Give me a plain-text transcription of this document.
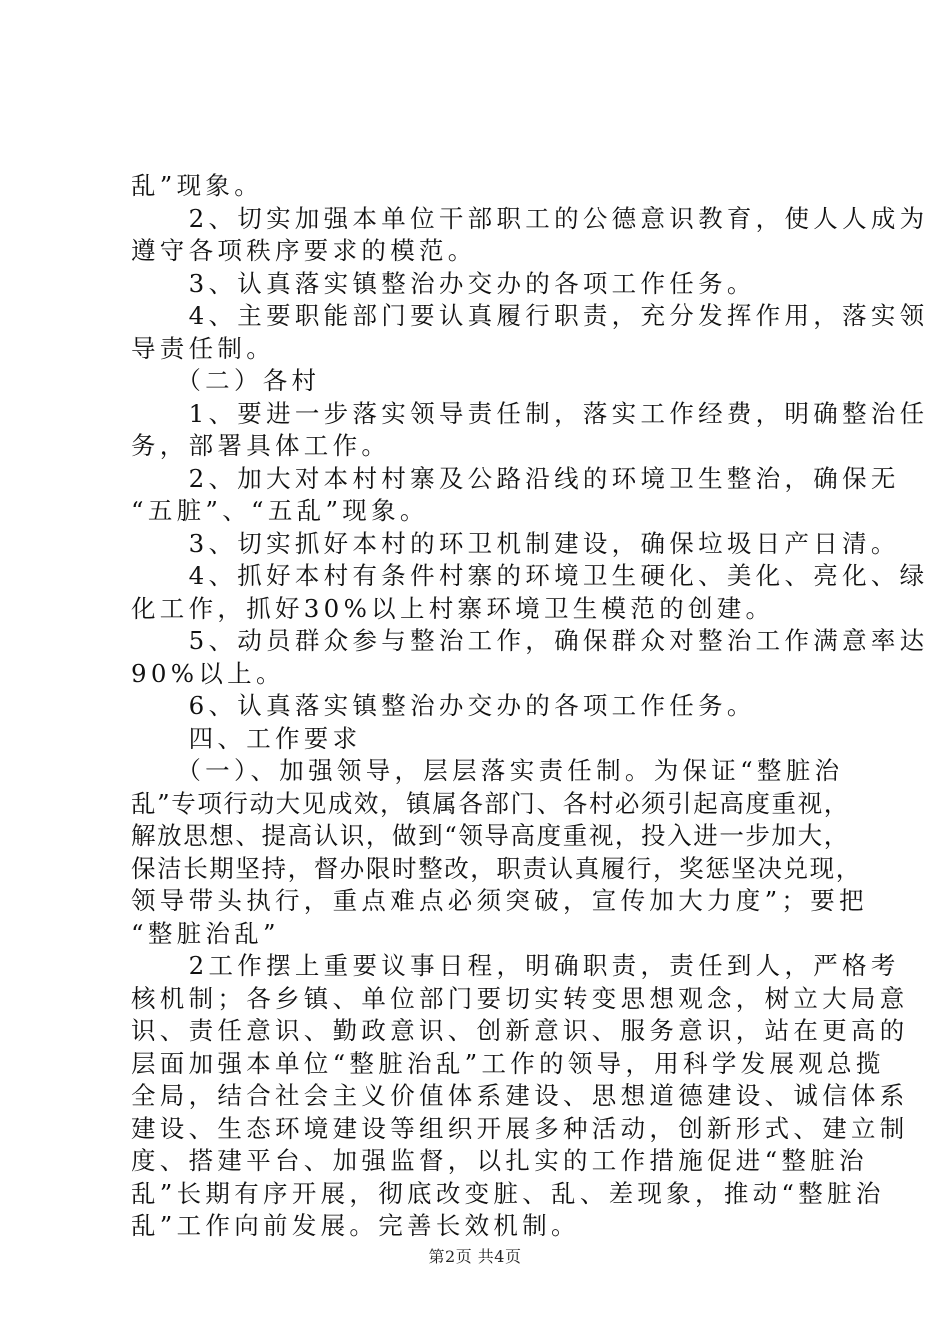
乱”现象。
　　2、切实加强本单位干部职工的公德意识教育，使人人成为
遵守各项秩序要求的模范。
　　3、认真落实镇整治办交办的各项工作任务。
　　4、主要职能部门要认真履行职责，充分发挥作用，落实领
导责任制。
　　（二）各村
　　1、要进一步落实领导责任制，落实工作经费，明确整治任
务，部署具体工作。
　　2、加大对本村村寨及公路沿线的环境卫生整治，确保无
“五脏”、“五乱”现象。
　　3、切实抓好本村的环卫机制建设，确保垃圾日产日清。
　　4、抓好本村有条件村寨的环境卫生硬化、美化、亮化、绿
化工作，抓好30%以上村寨环境卫生模范的创建。
　　5、动员群众参与整治工作，确保群众对整治工作满意率达
90%以上。
　　6、认真落实镇整治办交办的各项工作任务。
　　四、工作要求
　　（一）、加强领导，层层落实责任制。为保证“整脏治
乱”专项行动大见成效，镇属各部门、各村必须引起高度重视，
解放思想、提高认识，做到“领导高度重视，投入进一步加大，
保洁长期坚持，督办限时整改，职责认真履行，奖惩坚决兑现，
领导带头执行，重点难点必须突破，宣传加大力度”；要把
“整脏治乱”
　　2工作摆上重要议事日程，明确职责，责任到人，严格考
核机制；各乡镇、单位部门要切实转变思想观念，树立大局意
识、责任意识、勤政意识、创新意识、服务意识，站在更高的
层面加强本单位“整脏治乱”工作的领导，用科学发展观总揽
全局，结合社会主义价值体系建设、思想道德建设、诚信体系
建设、生态环境建设等组织开展多种活动，创新形式、建立制
度、搭建平台、加强监督，以扎实的工作措施促进“整脏治
乱”长期有序开展，彻底改变脏、乱、差现象，推动“整脏治
乱”工作向前发展。完善长效机制。
第2页 共4页
